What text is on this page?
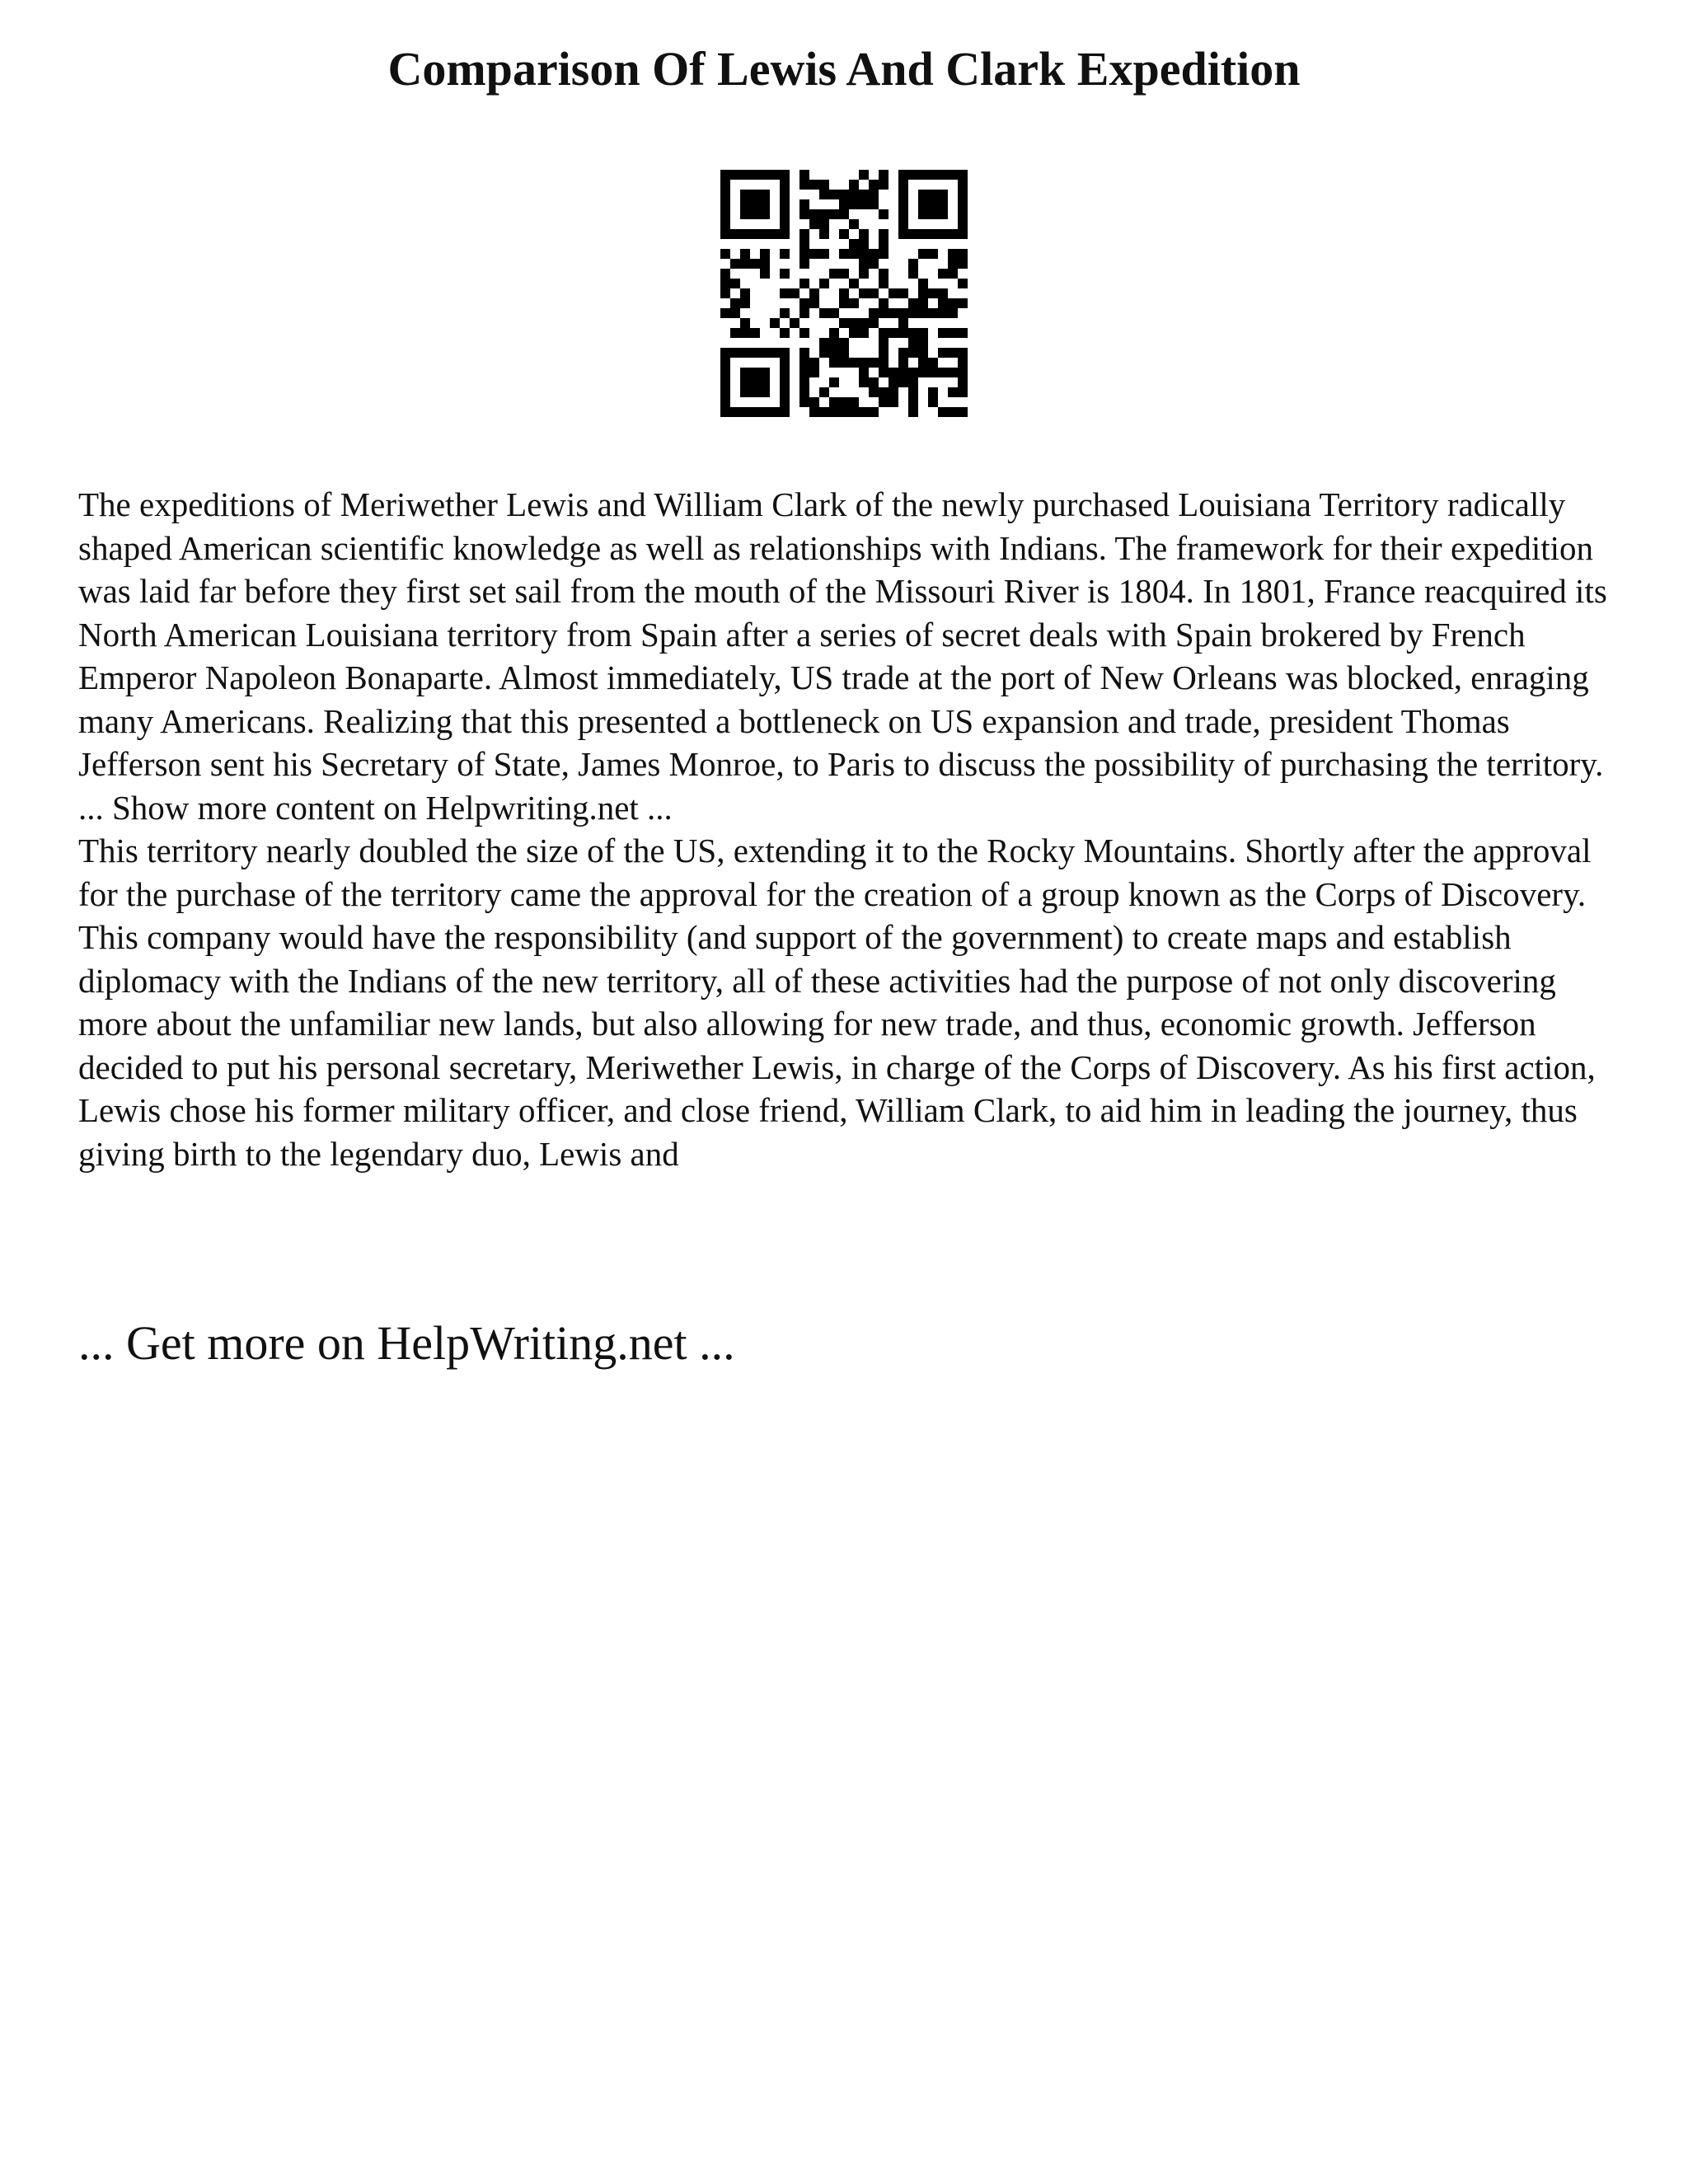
Comparison Of Lewis And Clark Expedition

The expeditions of Meriwether Lewis and William Clark of the newly purchased Louisiana Territory radically shaped American scientific knowledge as well as relationships with Indians. The framework for their expedition was laid far before they first set sail from the mouth of the Missouri River is 1804. In 1801, France reacquired its North American Louisiana territory from Spain after a series of secret deals with Spain brokered by French Emperor Napoleon Bonaparte. Almost immediately, US trade at the port of New Orleans was blocked, enraging many Americans. Realizing that this presented a bottleneck on US expansion and trade, president Thomas Jefferson sent his Secretary of State, James Monroe, to Paris to discuss the possibility of purchasing the territory. ... Show more content on Helpwriting.net ...

This territory nearly doubled the size of the US, extending it to the Rocky Mountains. Shortly after the approval for the purchase of the territory came the approval for the creation of a group known as the Corps of Discovery. This company would have the responsibility (and support of the government) to create maps and establish diplomacy with the Indians of the new territory, all of these activities had the purpose of not only discovering more about the unfamiliar new lands, but also allowing for new trade, and thus, economic growth. Jefferson decided to put his personal secretary, Meriwether Lewis, in charge of the Corps of Discovery. As his first action, Lewis chose his former military officer, and close friend, William Clark, to aid him in leading the journey, thus giving birth to the legendary duo, Lewis and

... Get more on HelpWriting.net ...
